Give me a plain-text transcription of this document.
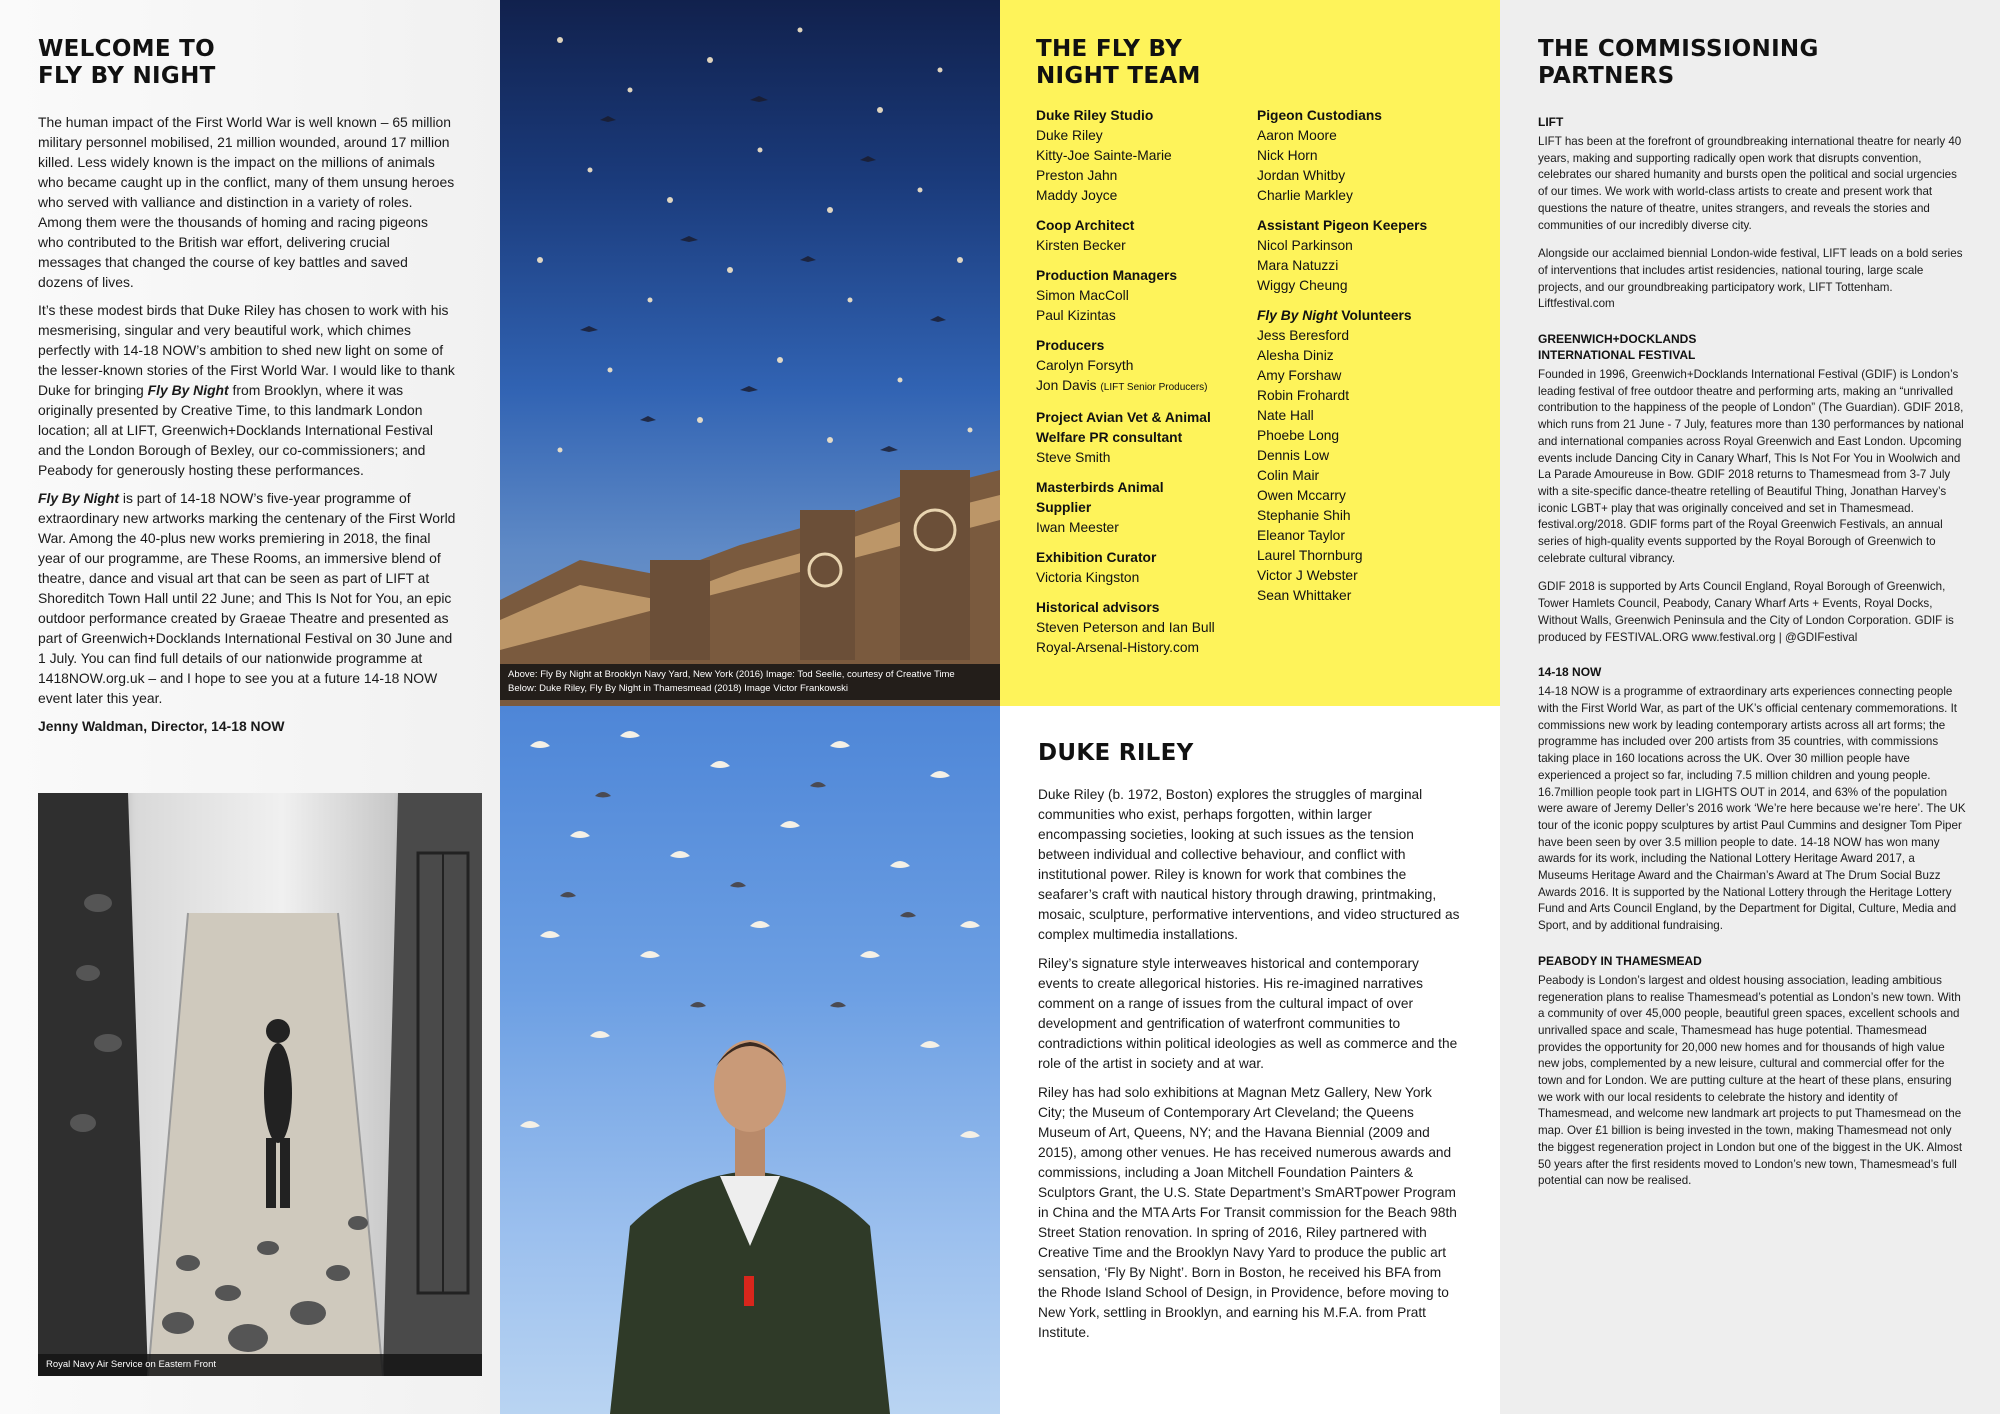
WELCOME TO
FLY BY NIGHT

The human impact of the First World War is well known – 65 million military personnel mobilised, 21 million wounded, around 17 million killed. Less widely known is the impact on the millions of animals who became caught up in the conflict, many of them unsung heroes who served with valliance and distinction in a variety of roles. Among them were the thousands of homing and racing pigeons who contributed to the British war effort, delivering crucial messages that changed the course of key battles and saved dozens of lives.

It’s these modest birds that Duke Riley has chosen to work with his mesmerising, singular and very beautiful work, which chimes perfectly with 14-18 NOW’s ambition to shed new light on some of the lesser-known stories of the First World War. I would like to thank Duke for bringing Fly By Night from Brooklyn, where it was originally presented by Creative Time, to this landmark London location; all at LIFT, Greenwich+Docklands International Festival and the London Borough of Bexley, our co-commissioners; and Peabody for generously hosting these performances.

Fly By Night is part of 14-18 NOW’s five-year programme of extraordinary new artworks marking the centenary of the First World War. Among the 40-plus new works premiering in 2018, the final year of our programme, are These Rooms, an immersive blend of theatre, dance and visual art that can be seen as part of LIFT at Shoreditch Town Hall until 22 June; and This Is Not for You, an epic outdoor performance created by Graeae Theatre and presented as part of Greenwich+Docklands International Festival on 30 June and 1 July. You can find full details of our nationwide programme at 1418NOW.org.uk – and I hope to see you at a future 14-18 NOW event later this year.

Jenny Waldman, Director, 14-18 NOW

Royal Navy Air Service on Eastern Front
Above: Fly By Night at Brooklyn Navy Yard, New York (2016) Image: Tod Seelie, courtesy of Creative Time
Below: Duke Riley, Fly By Night in Thamesmead (2018) Image Victor Frankowski
THE FLY BY
NIGHT TEAM
Duke Riley Studio
Duke Riley
Kitty-Joe Sainte-Marie
Preston Jahn
Maddy Joyce
Coop Architect
Kirsten Becker
Production Managers
Simon MacColl
Paul Kizintas
Producers
Carolyn Forsyth
Jon Davis (LIFT Senior Producers)
Project Avian Vet & Animal Welfare PR consultant
Steve Smith
Masterbirds Animal Supplier
Iwan Meester
Exhibition Curator
Victoria Kingston
Historical advisors
Steven Peterson and Ian Bull
Royal-Arsenal-History.com
Pigeon Custodians
Aaron Moore
Nick Horn
Jordan Whitby
Charlie Markley
Assistant Pigeon Keepers
Nicol Parkinson
Mara Natuzzi
Wiggy Cheung
Fly By Night Volunteers
Jess Beresford
Alesha Diniz
Amy Forshaw
Robin Frohardt
Nate Hall
Phoebe Long
Dennis Low
Colin Mair
Owen Mccarry
Stephanie Shih
Eleanor Taylor
Laurel Thornburg
Victor J Webster
Sean Whittaker
DUKE RILEY

Duke Riley (b. 1972, Boston) explores the struggles of marginal communities who exist, perhaps forgotten, within larger encompassing societies, looking at such issues as the tension between individual and collective behaviour, and conflict with institutional power. Riley is known for work that combines the seafarer’s craft with nautical history through drawing, printmaking, mosaic, sculpture, performative interventions, and video structured as complex multimedia installations.

Riley’s signature style interweaves historical and contemporary events to create allegorical histories. His re-imagined narratives comment on a range of issues from the cultural impact of over development and gentrification of waterfront communities to contradictions within political ideologies as well as commerce and the role of the artist in society and at war.

Riley has had solo exhibitions at Magnan Metz Gallery, New York City; the Museum of Contemporary Art Cleveland; the Queens Museum of Art, Queens, NY; and the Havana Biennial (2009 and 2015), among other venues. He has received numerous awards and commissions, including a Joan Mitchell Foundation Painters & Sculptors Grant, the U.S. State Department’s SmARTpower Program in China and the MTA Arts For Transit commission for the Beach 98th Street Station renovation. In spring of 2016, Riley partnered with Creative Time and the Brooklyn Navy Yard to produce the public art sensation, ‘Fly By Night’. Born in Boston, he received his BFA from the Rhode Island School of Design, in Providence, before moving to New York, settling in Brooklyn, and earning his M.F.A. from Pratt Institute.

THE COMMISSIONING
PARTNERS
LIFT

LIFT has been at the forefront of groundbreaking international theatre for nearly 40 years, making and supporting radically open work that disrupts convention, celebrates our shared humanity and bursts open the political and social urgencies of our times. We work with world-class artists to create and present work that questions the nature of theatre, unites strangers, and reveals the stories and communities of our incredibly diverse city.

Alongside our acclaimed biennial London-wide festival, LIFT leads on a bold series of interventions that includes artist residencies, national touring, large scale projects, and our groundbreaking participatory work, LIFT Tottenham. Liftfestival.com

GREENWICH+DOCKLANDS
INTERNATIONAL FESTIVAL

Founded in 1996, Greenwich+Docklands International Festival (GDIF) is London’s leading festival of free outdoor theatre and performing arts, making an “unrivalled contribution to the happiness of the people of London” (The Guardian). GDIF 2018, which runs from 21 June - 7 July, features more than 130 performances by national and international companies across Royal Greenwich and East London. Upcoming events include Dancing City in Canary Wharf, This Is Not For You in Woolwich and La Parade Amoureuse in Bow. GDIF 2018 returns to Thamesmead from 3-7 July with a site-specific dance-theatre retelling of Beautiful Thing, Jonathan Harvey’s iconic LGBT+ play that was originally conceived and set in Thamesmead. festival.org/2018. GDIF forms part of the Royal Greenwich Festivals, an annual series of high-quality events supported by the Royal Borough of Greenwich to celebrate cultural vibrancy.

GDIF 2018 is supported by Arts Council England, Royal Borough of Greenwich, Tower Hamlets Council, Peabody, Canary Wharf Arts + Events, Royal Docks, Without Walls, Greenwich Peninsula and the City of London Corporation. GDIF is produced by FESTIVAL.ORG www.festival.org | @GDIFestival

14-18 NOW

14-18 NOW is a programme of extraordinary arts experiences connecting people with the First World War, as part of the UK’s official centenary commemorations. It commissions new work by leading contemporary artists across all art forms; the programme has included over 200 artists from 35 countries, with commissions taking place in 160 locations across the UK. Over 30 million people have experienced a project so far, including 7.5 million children and young people. 16.7million people took part in LIGHTS OUT in 2014, and 63% of the population were aware of Jeremy Deller’s 2016 work ‘We’re here because we’re here’. The UK tour of the iconic poppy sculptures by artist Paul Cummins and designer Tom Piper have been seen by over 3.5 million people to date. 14-18 NOW has won many awards for its work, including the National Lottery Heritage Award 2017, a Museums Heritage Award and the Chairman’s Award at The Drum Social Buzz Awards 2016. It is supported by the National Lottery through the Heritage Lottery Fund and Arts Council England, by the Department for Digital, Culture, Media and Sport, and by additional fundraising.

PEABODY IN THAMESMEAD

Peabody is London’s largest and oldest housing association, leading ambitious regeneration plans to realise Thamesmead’s potential as London’s new town. With a community of over 45,000 people, beautiful green spaces, excellent schools and unrivalled space and scale, Thamesmead has huge potential. Thamesmead provides the opportunity for 20,000 new homes and for thousands of high value new jobs, complemented by a new leisure, cultural and commercial offer for the town and for London. We are putting culture at the heart of these plans, ensuring we work with our local residents to celebrate the history and identity of Thamesmead, and welcome new landmark art projects to put Thamesmead on the map. Over £1 billion is being invested in the town, making Thamesmead not only the biggest regeneration project in London but one of the biggest in the UK. Almost 50 years after the first residents moved to London’s new town, Thamesmead’s full potential can now be realised.
